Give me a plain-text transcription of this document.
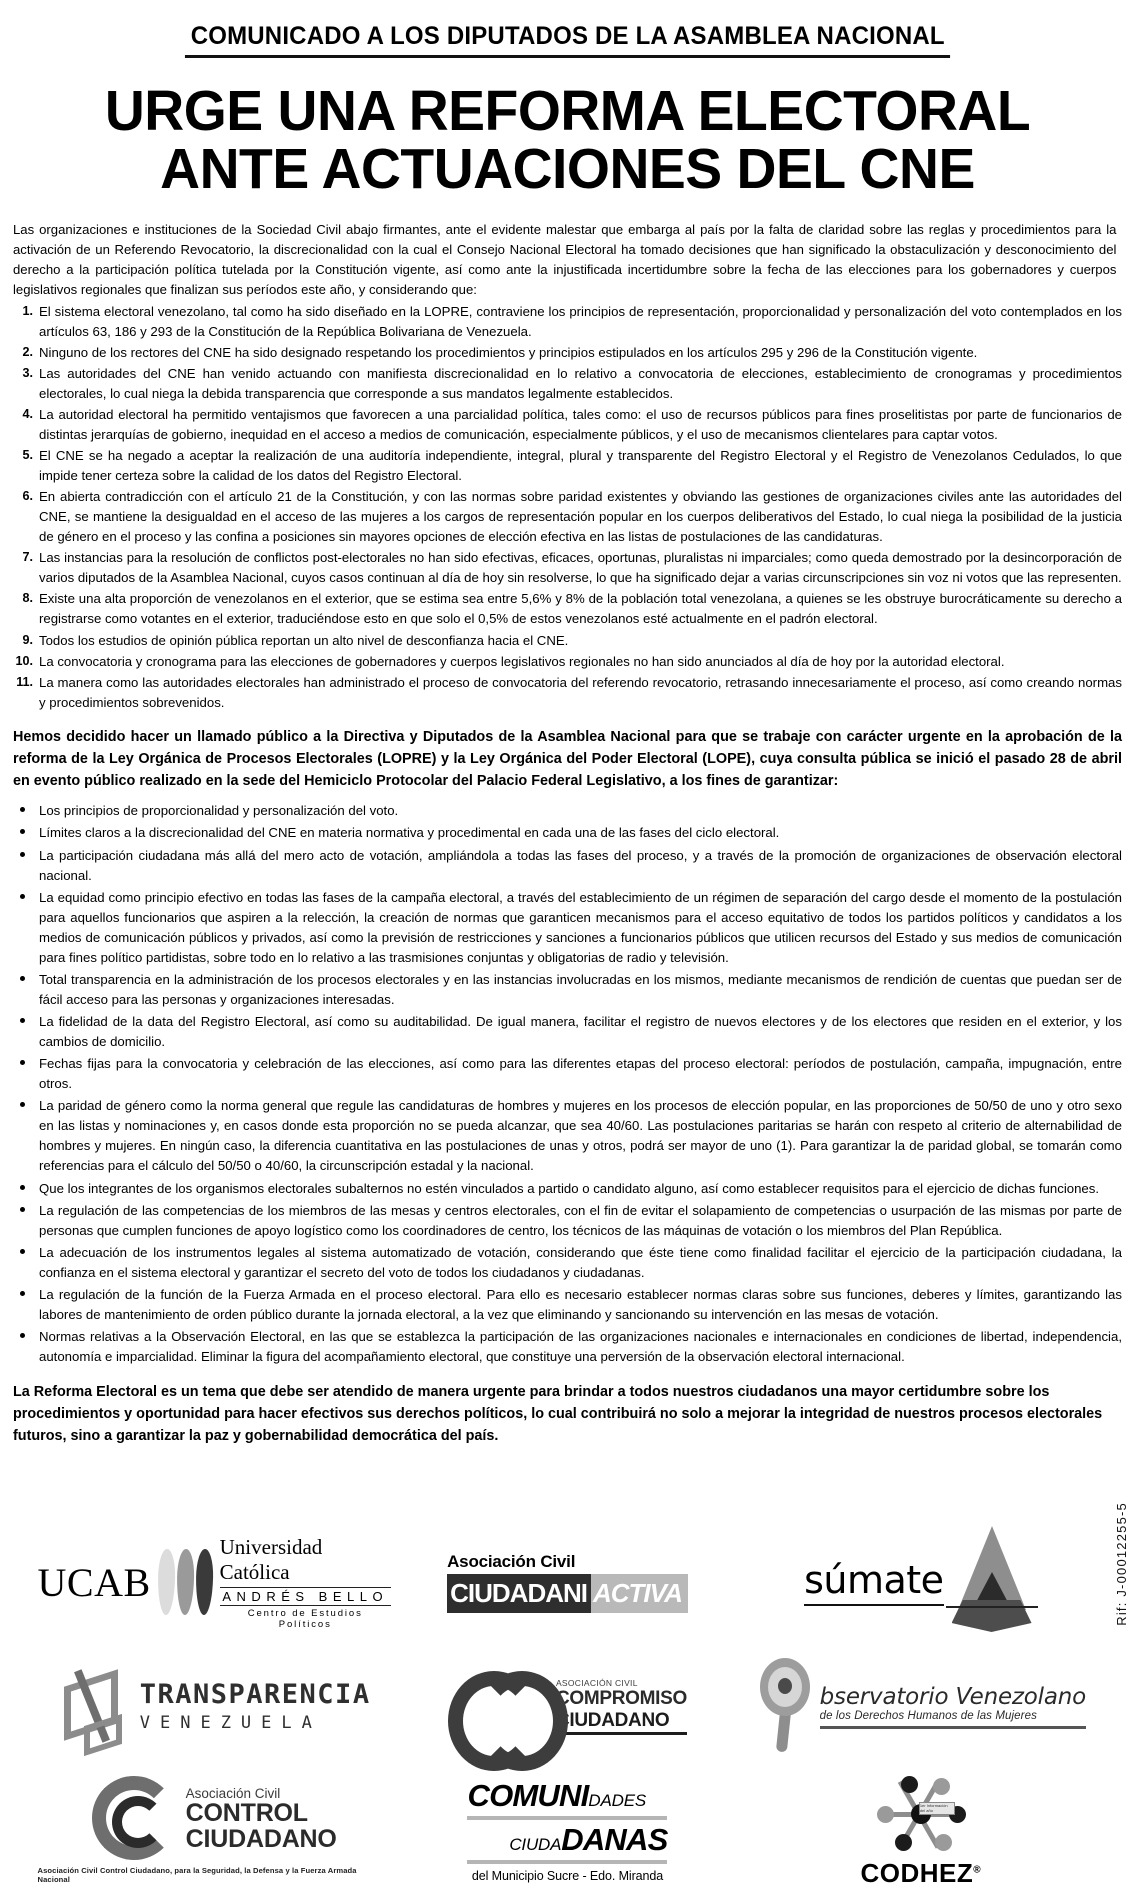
COMUNICADO A LOS DIPUTADOS DE LA ASAMBLEA NACIONAL
URGE UNA REFORMA ELECTORAL
ANTE ACTUACIONES DEL CNE

Las organizaciones e instituciones de la Sociedad Civil abajo firmantes, ante el evidente malestar que embarga al país por la falta de claridad sobre las reglas y procedimientos para la activación de un Referendo Revocatorio, la discrecionalidad con la cual el Consejo Nacional Electoral ha tomado decisiones que han significado la obstaculización y desconocimiento del derecho a la participación política tutelada por la Constitución vigente, así como ante la injustificada incertidumbre sobre la fecha de las elecciones para los gobernadores y cuerpos legislativos regionales que finalizan sus períodos este año, y considerando que:

1. El sistema electoral venezolano, tal como ha sido diseñado en la LOPRE, contraviene los principios de representación, proporcionalidad y personalización del voto contemplados en los artículos 63, 186 y 293 de la Constitución de la República Bolivariana de Venezuela.
2. Ninguno de los rectores del CNE ha sido designado respetando los procedimientos y principios estipulados en los artículos 295 y 296 de la Constitución vigente.
3. Las autoridades del CNE han venido actuando con manifiesta discrecionalidad en lo relativo a convocatoria de elecciones, establecimiento de cronogramas y procedimientos electorales, lo cual niega la debida transparencia que corresponde a sus mandatos legalmente establecidos.
4. La autoridad electoral ha permitido ventajismos que favorecen a una parcialidad política, tales como: el uso de recursos públicos para fines proselitistas por parte de funcionarios de distintas jerarquías de gobierno, inequidad en el acceso a medios de comunicación, especialmente públicos, y el uso de mecanismos clientelares para captar votos.
5. El CNE se ha negado a aceptar la realización de una auditoría independiente, integral, plural y transparente del Registro Electoral y el Registro de Venezolanos Cedulados, lo que impide tener certeza sobre la calidad de los datos del Registro Electoral.
6. En abierta contradicción con el artículo 21 de la Constitución, y con las normas sobre paridad existentes y obviando las gestiones de organizaciones civiles ante las autoridades del CNE, se mantiene la desigualdad en el acceso de las mujeres a los cargos de representación popular en los cuerpos deliberativos del Estado, lo cual niega la posibilidad de la justicia de género en el proceso y las confina a posiciones sin mayores opciones de elección efectiva en las listas de postulaciones de las candidaturas.
7. Las instancias para la resolución de conflictos post-electorales no han sido efectivas, eficaces, oportunas, pluralistas ni imparciales; como queda demostrado por la desincorporación de varios diputados de la Asamblea Nacional, cuyos casos continuan al día de hoy sin resolverse, lo que ha significado dejar a varias circunscripciones sin voz ni votos que las representen.
8. Existe una alta proporción de venezolanos en el exterior, que se estima sea entre 5,6% y 8% de la población total venezolana, a quienes se les obstruye burocráticamente su derecho a registrarse como votantes en el exterior, traduciéndose esto en que solo el 0,5% de estos venezolanos esté actualmente en el padrón electoral.
9. Todos los estudios de opinión pública reportan un alto nivel de desconfianza hacia el CNE.
10. La convocatoria y cronograma para las elecciones de gobernadores y cuerpos legislativos regionales no han sido anunciados al día de hoy por la autoridad electoral.
11. La manera como las autoridades electorales han administrado el proceso de convocatoria del referendo revocatorio, retrasando innecesariamente el proceso, así como creando normas y procedimientos sobrevenidos.
Hemos decidido hacer un llamado público a la Directiva y Diputados de la Asamblea Nacional para que se trabaje con carácter urgente en la aprobación de la reforma de la Ley Orgánica de Procesos Electorales (LOPRE) y la Ley Orgánica del Poder Electoral (LOPE), cuya consulta pública se inició el pasado 28 de abril en evento público realizado en la sede del Hemiciclo Protocolar del Palacio Federal Legislativo, a los fines de garantizar:
Los principios de proporcionalidad y personalización del voto.
Límites claros a la discrecionalidad del CNE en materia normativa y procedimental en cada una de las fases del ciclo electoral.
La participación ciudadana más allá del mero acto de votación, ampliándola a todas las fases del proceso, y a través de la promoción de organizaciones de observación electoral nacional.
La equidad como principio efectivo en todas las fases de la campaña electoral, a través del establecimiento de un régimen de separación del cargo desde el momento de la postulación para aquellos funcionarios que aspiren a la relección, la creación de normas que garanticen mecanismos para el acceso equitativo de todos los partidos políticos y candidatos a los medios de comunicación públicos y privados, así como la previsión de restricciones y sanciones a funcionarios públicos que utilicen recursos del Estado y sus medios de comunicación para fines político partidistas, sobre todo en lo relativo a las trasmisiones conjuntas y obligatorias de radio y televisión.
Total transparencia en la administración de los procesos electorales y en las instancias involucradas en los mismos, mediante mecanismos de rendición de cuentas que puedan ser de fácil acceso para las personas y organizaciones interesadas.
La fidelidad de la data del Registro Electoral, así como su auditabilidad. De igual manera, facilitar el registro de nuevos electores y de los electores que residen en el exterior, y los cambios de domicilio.
Fechas fijas para la convocatoria y celebración de las elecciones, así como para las diferentes etapas del proceso electoral: períodos de postulación, campaña, impugnación, entre otros.
La paridad de género como la norma general que regule las candidaturas de hombres y mujeres en los procesos de elección popular, en las proporciones de 50/50 de uno y otro sexo en las listas y nominaciones y, en casos donde esta proporción no se pueda alcanzar, que sea 40/60. Las postulaciones paritarias se harán con respeto al criterio de alternabilidad de hombres y mujeres. En ningún caso, la diferencia cuantitativa en las postulaciones de unas y otros, podrá ser mayor de uno (1). Para garantizar la de paridad global, se tomarán como referencias para el cálculo del 50/50 o 40/60, la circunscripción estadal y la nacional.
Que los integrantes de los organismos electorales subalternos no estén vinculados a partido o candidato alguno, así como establecer requisitos para el ejercicio de dichas funciones.
La regulación de las competencias de los miembros de las mesas y centros electorales, con el fin de evitar el solapamiento de competencias o usurpación de las mismas por parte de personas que cumplen funciones de apoyo logístico como los coordinadores de centro, los técnicos de las máquinas de votación o los miembros del Plan República.
La adecuación de los instrumentos legales al sistema automatizado de votación, considerando que éste tiene como finalidad facilitar el ejercicio de la participación ciudadana, la confianza en el sistema electoral y garantizar el secreto del voto de todos los ciudadanos y ciudadanas.
La regulación de la función de la Fuerza Armada en el proceso electoral. Para ello es necesario establecer normas claras sobre sus funciones, deberes y límites, garantizando las labores de mantenimiento de orden público durante la jornada electoral, a la vez que eliminando y sancionando su intervención en las mesas de votación.
Normas relativas a la Observación Electoral, en las que se establezca la participación de las organizaciones nacionales e internacionales en condiciones de libertad, independencia, autonomía e imparcialidad. Eliminar la figura del acompañamiento electoral, que constituye una perversión de la observación electoral internacional.
La Reforma Electoral es un tema que debe ser atendido de manera urgente para brindar a todos nuestros ciudadanos una mayor certidumbre sobre los procedimientos y oportunidad para hacer efectivos sus derechos políticos, lo cual contribuirá no solo a mejorar la integridad de nuestros procesos electorales futuros, sino a garantizar la paz y gobernabilidad democrática del país.
Rif: J-00012255-5
UCAB
Universidad Católica
ANDRÉS BELLO
Centro de Estudios Políticos
Asociación Civil
CIUDADANI ACTIVA	súmate
TRANSPARENCIA
VENEZUELA
ASOCIACIÓN CIVIL
COMPROMISO
CIUDADANO
bservatorio Venezolano
de los Derechos Humanos de las Mujeres
Asociación Civil
CONTROL
CIUDADANO
Asociación Civil Control Ciudadano, para la Seguridad, la Defensa y la Fuerza Armada Nacional
COMUNI DADES
CIUDA DANAS
del Municipio Sucre - Edo. Miranda
1er Información del año
CODHEZ®
